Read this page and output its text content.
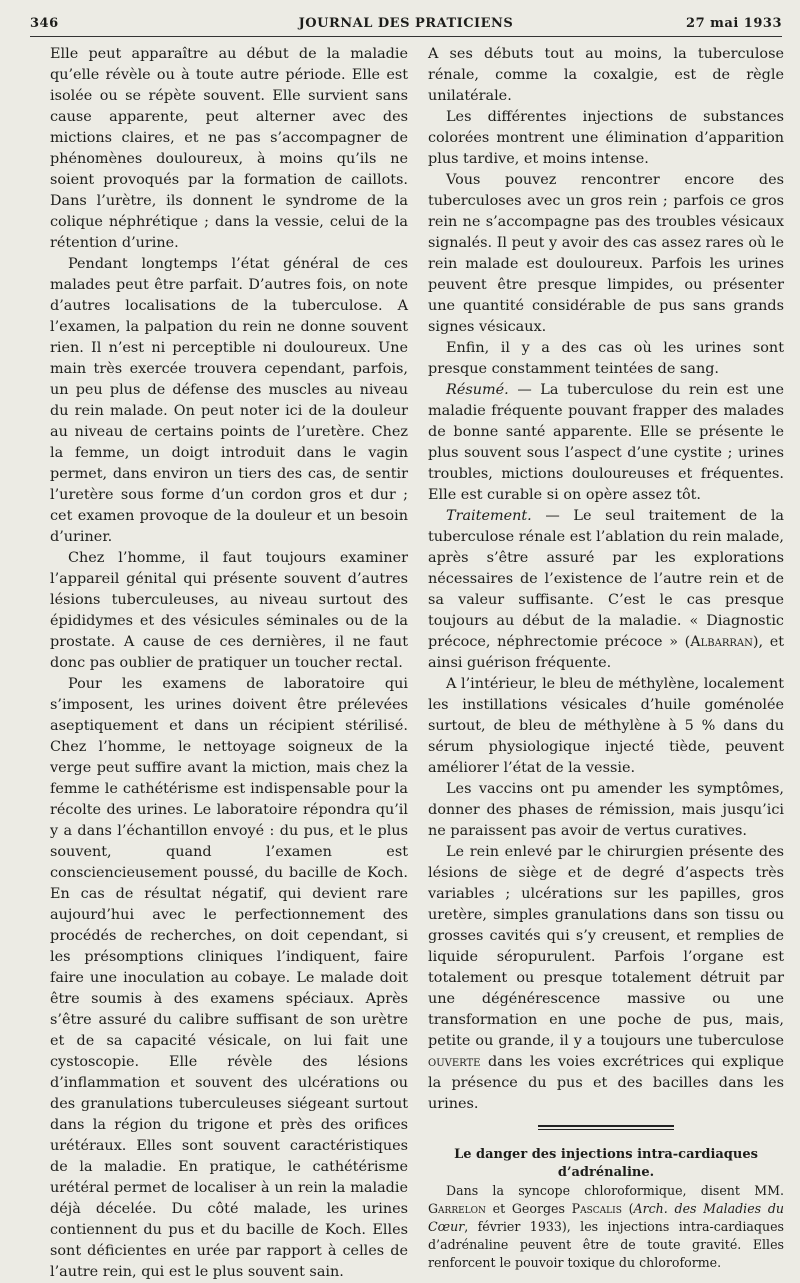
346	JOURNAL DES PRATICIENS	27 mai 1933

Elle peut apparaître au début de la maladie qu’elle révèle ou à toute autre période. Elle est isolée ou se répète souvent. Elle survient sans cause apparente, peut alterner avec des mictions claires, et ne pas s’accompagner de phénomènes douloureux, à moins qu’ils ne soient provoqués par la formation de caillots. Dans l’urètre, ils donnent le syndrome de la colique néphrétique ; dans la vessie, celui de la rétention d’urine.

Pendant longtemps l’état général de ces malades peut être parfait. D’autres fois, on note d’autres localisations de la tuberculose. A l’examen, la palpation du rein ne donne souvent rien. Il n’est ni perceptible ni douloureux. Une main très exercée trouvera cependant, parfois, un peu plus de défense des muscles au niveau du rein malade. On peut noter ici de la douleur au niveau de certains points de l’uretère. Chez la femme, un doigt introduit dans le vagin permet, dans environ un tiers des cas, de sentir l’uretère sous forme d’un cordon gros et dur ; cet examen provoque de la douleur et un besoin d’uriner.

Chez l’homme, il faut toujours examiner l’appareil génital qui présente souvent d’autres lésions tuberculeuses, au niveau surtout des épididymes et des vésicules séminales ou de la prostate. A cause de ces dernières, il ne faut donc pas oublier de pratiquer un toucher rectal.

Pour les examens de laboratoire qui s’imposent, les urines doivent être prélevées aseptiquement et dans un récipient stérilisé. Chez l’homme, le nettoyage soigneux de la verge peut suffire avant la miction, mais chez la femme le cathétérisme est indispensable pour la récolte des urines. Le laboratoire répondra qu’il y a dans l’échantillon envoyé : du pus, et le plus souvent, quand l’examen est consciencieusement poussé, du bacille de Koch. En cas de résultat négatif, qui devient rare aujourd’hui avec le perfectionnement des procédés de recherches, on doit cependant, si les présomptions cliniques l’indiquent, faire faire une inoculation au cobaye. Le malade doit être soumis à des examens spéciaux. Après s’être assuré du calibre suffisant de son urètre et de sa capacité vésicale, on lui fait une cystoscopie. Elle révèle des lésions d’inflammation et souvent des ulcérations ou des granulations tuberculeuses siégeant surtout dans la région du trigone et près des orifices urétéraux. Elles sont souvent caractéristiques de la maladie. En pratique, le cathétérisme urétéral permet de localiser à un rein la maladie déjà décelée. Du côté malade, les urines contiennent du pus et du bacille de Koch. Elles sont déficientes en urée par rapport à celles de l’autre rein, qui est le plus souvent sain.

A ses débuts tout au moins, la tuberculose rénale, comme la coxalgie, est de règle unilatérale.

Les différentes injections de substances colorées montrent une élimination d’apparition plus tardive, et moins intense.

Vous pouvez rencontrer encore des tuberculoses avec un gros rein ; parfois ce gros rein ne s’accompagne pas des troubles vésicaux signalés. Il peut y avoir des cas assez rares où le rein malade est douloureux. Parfois les urines peuvent être presque limpides, ou présenter une quantité considérable de pus sans grands signes vésicaux.

Enfin, il y a des cas où les urines sont presque constamment teintées de sang.

Résumé. — La tuberculose du rein est une maladie fréquente pouvant frapper des malades de bonne santé apparente. Elle se présente le plus souvent sous l’aspect d’une cystite ; urines troubles, mictions douloureuses et fréquentes. Elle est curable si on opère assez tôt.

Traitement. — Le seul traitement de la tuberculose rénale est l’ablation du rein malade, après s’être assuré par les explorations nécessaires de l’existence de l’autre rein et de sa valeur suffisante. C’est le cas presque toujours au début de la maladie. « Diagnostic précoce, néphrectomie précoce » (Albarran), et ainsi guérison fréquente.

A l’intérieur, le bleu de méthylène, localement les instillations vésicales d’huile goménolée surtout, de bleu de méthylène à 5 % dans du sérum physiologique injecté tiède, peuvent améliorer l’état de la vessie.

Les vaccins ont pu amender les symptômes, donner des phases de rémission, mais jusqu’ici ne paraissent pas avoir de vertus curatives.

Le rein enlevé par le chirurgien présente des lésions de siège et de degré d’aspects très variables ; ulcérations sur les papilles, gros uretère, simples granulations dans son tissu ou grosses cavités qui s’y creusent, et remplies de liquide séropurulent. Parfois l’organe est totalement ou presque totalement détruit par une dégénérescence massive ou une transformation en une poche de pus, mais, petite ou grande, il y a toujours une tuberculose ouverte dans les voies excrétrices qui explique la présence du pus et des bacilles dans les urines.

Le danger des injections intra-cardiaques
d’adrénaline.

Dans la syncope chloroformique, disent MM. Garrelon et Georges Pascalis (Arch. des Maladies du Cœur, février 1933), les injections intra-cardiaques d’adrénaline peuvent être de toute gravité. Elles renforcent le pouvoir toxique du chloroforme.
